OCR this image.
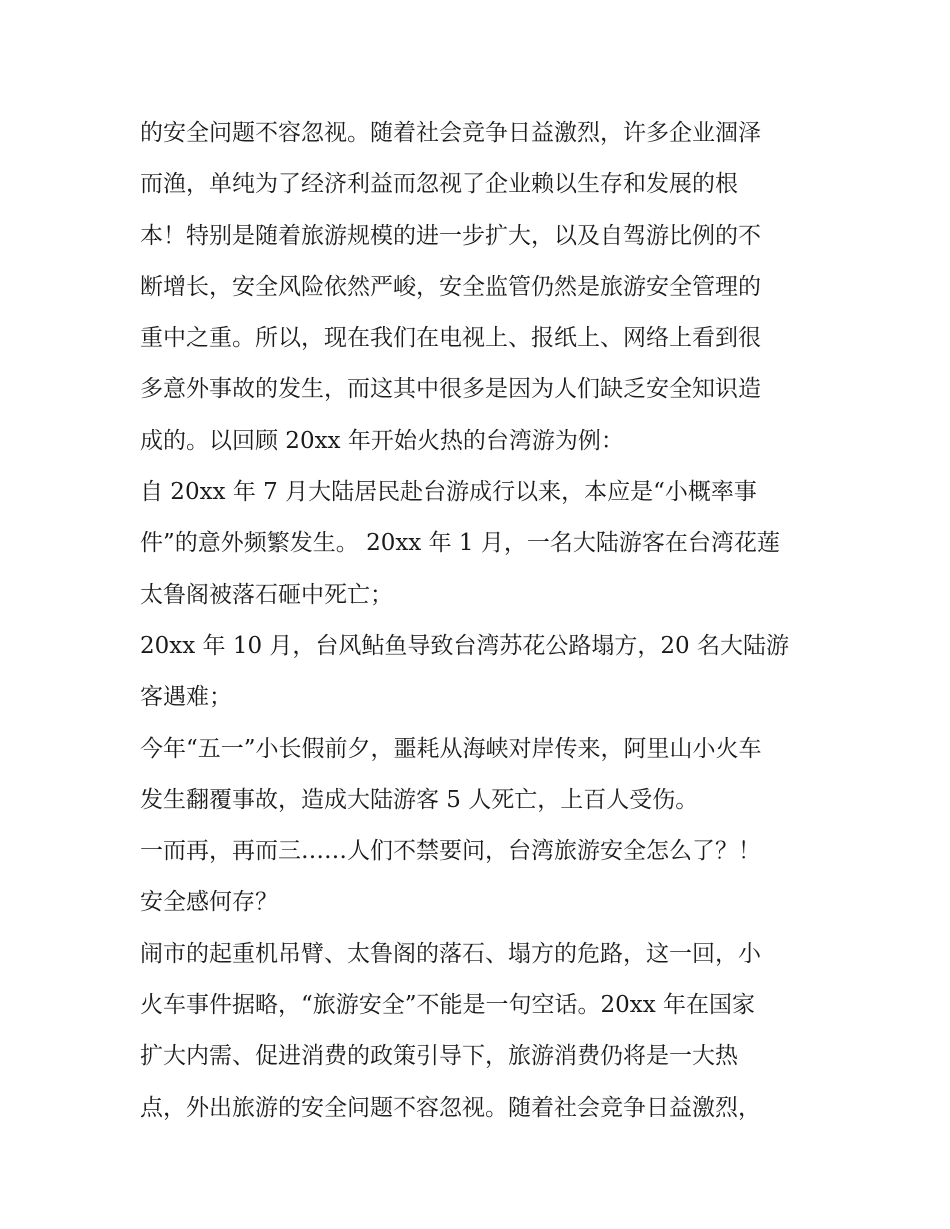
的安全问题不容忽视。随着社会竞争日益激烈，许多企业涸泽
而渔，单纯为了经济利益而忽视了企业赖以生存和发展的根
本！特别是随着旅游规模的进一步扩大，以及自驾游比例的不
断增长，安全风险依然严峻，安全监管仍然是旅游安全管理的
重中之重。所以，现在我们在电视上、报纸上、网络上看到很
多意外事故的发生，而这其中很多是因为人们缺乏安全知识造
成的。以回顾 20xx 年开始火热的台湾游为例：
自 20xx 年 7 月大陆居民赴台游成行以来，本应是“小概率事
件”的意外频繁发生。 20xx 年 1 月，一名大陆游客在台湾花莲
太鲁阁被落石砸中死亡；
20xx 年 10 月，台风鲇鱼导致台湾苏花公路塌方，20 名大陆游
客遇难；
今年“五一”小长假前夕，噩耗从海峡对岸传来，阿里山小火车
发生翻覆事故，造成大陆游客 5 人死亡，上百人受伤。
一而再，再而三……人们不禁要问，台湾旅游安全怎么了？！
安全感何存？
闹市的起重机吊臂、太鲁阁的落石、塌方的危路，这一回，小
火车事件据略，“旅游安全”不能是一句空话。20xx 年在国家
扩大内需、促进消费的政策引导下，旅游消费仍将是一大热
点，外出旅游的安全问题不容忽视。随着社会竞争日益激烈，
